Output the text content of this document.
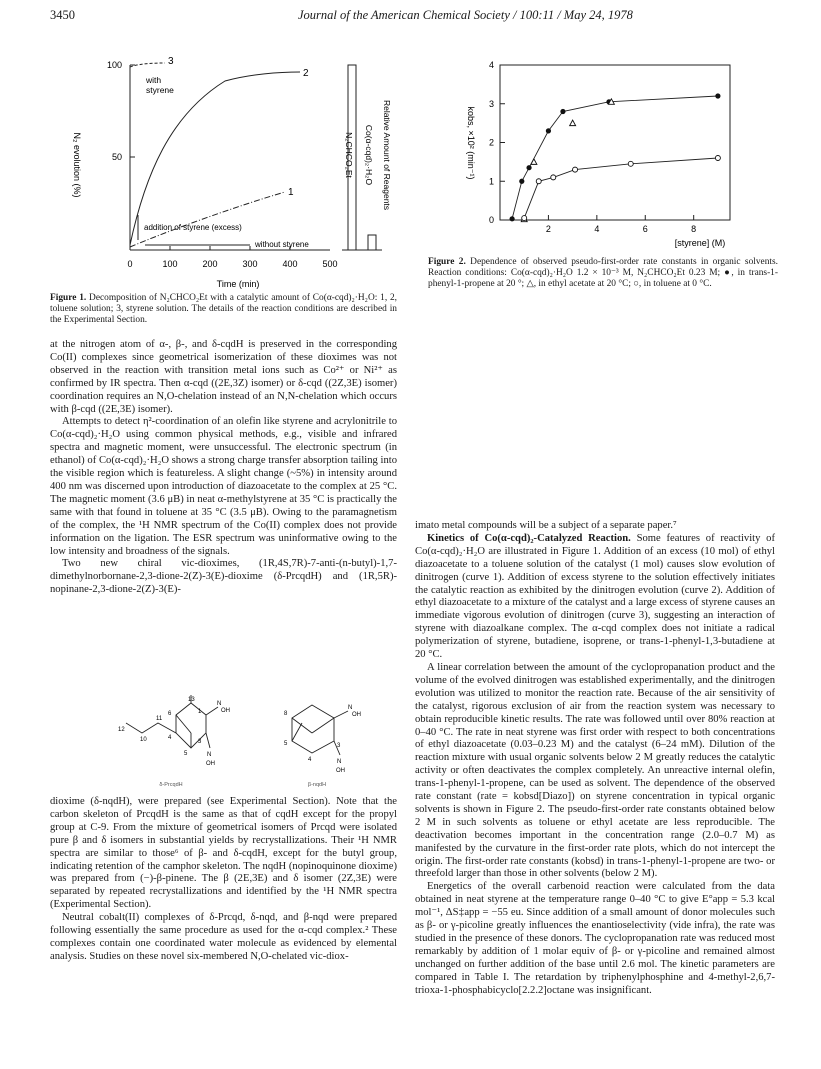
3450	Journal of the American Chemical Society / 100:11 / May 24, 1978
100
50
0	100	200	300	400	500
Time (min)
N₂ evolution (%)
3
2
1
with
styrene
addition of styrene (excess)
without styrene
Relative Amount of Reagents
Co(α-cqd)₂·H₂O
N₂CHCO₂Et
Figure 1. Decomposition of N₂CHCO₂Et with a catalytic amount of Co(α-cqd)₂·H₂O: 1, 2, toluene solution; 3, styrene solution. The details of the reaction conditions are described in the Experimental Section.
0
1
2
3
4
2	4	6	8
[styrene] (M)
kobs, ×10² (min⁻¹)
Figure 2. Dependence of observed pseudo-first-order rate constants in organic solvents. Reaction conditions: Co(α-cqd)₂·H₂O 1.2 × 10⁻³ M, N₂CHCO₂Et 0.23 M; ●, in trans-1-phenyl-1-propene at 20 °; △, in ethyl acetate at 20 °C; ○, in toluene at 0 °C.

at the nitrogen atom of α-, β-, and δ-cqdH is preserved in the corresponding Co(II) complexes since geometrical isomerization of these dioximes was not observed in the reaction with transition metal ions such as Co²⁺ or Ni²⁺ as confirmed by IR spectra. Then α-cqd ((2E,3Z) isomer) or δ-cqd ((2Z,3E) isomer) coordination requires an N,O-chelation instead of an N,N-chelation which occurs with β-cqd ((2E,3E) isomer).

Attempts to detect η²-coordination of an olefin like styrene and acrylonitrile to Co(α-cqd)₂·H₂O using common physical methods, e.g., visible and infrared spectra and magnetic moment, were unsuccessful. The electronic spectrum (in ethanol) of Co(α-cqd)₂·H₂O shows a strong charge transfer absorption tailing into the visible region which is featureless. A slight change (~5%) in intensity around 400 nm was discerned upon introduction of diazoacetate to the complex at 25 °C. The magnetic moment (3.6 μB) in neat α-methylstyrene at 35 °C is practically the same with that found in toluene at 35 °C (3.5 μB). Owing to the paramagnetism of the complex, the ¹H NMR spectrum of the Co(II) complex does not provide information on the ligation. The ESR spectrum was uninformative owing to the low intensity and broadness of the signals.

Two new chiral vic-dioximes, (1R,4S,7R)-7-anti-(n-butyl)-1,7-dimethylnorbornane-2,3-dione-2(Z)-3(E)-dioxime (δ-PrcqdH) and (1R,5R)-nopinane-2,3-dione-2(Z)-3(E)-

13
11
12
10
6	1
4
5
3
N
OH
N
OH
δ-PrcqdH
8
5
4
3
N
OH
N
OH
β-nqdH

dioxime (δ-nqdH), were prepared (see Experimental Section). Note that the carbon skeleton of PrcqdH is the same as that of cqdH except for the propyl group at C-9. From the mixture of geometrical isomers of Prcqd were isolated pure β and δ isomers in substantial yields by recrystallizations. Their ¹H NMR spectra are similar to those⁶ of β- and δ-cqdH, except for the butyl group, indicating retention of the camphor skeleton. The nqdH (nopinoquinone dioxime) was prepared from (−)-β-pinene. The β (2E,3E) and δ isomer (2Z,3E) were separated by repeated recrystallizations and identified by the ¹H NMR spectra (Experimental Section).

Neutral cobalt(II) complexes of δ-Prcqd, δ-nqd, and β-nqd were prepared following essentially the same procedure as used for the α-cqd complex.² These complexes contain one coordinated water molecule as evidenced by elemental analysis. Studies on these novel six-membered N,O-chelated vic-diox-

imato metal compounds will be a subject of a separate paper.⁷

Kinetics of Co(α-cqd)₂-Catalyzed Reaction. Some features of reactivity of Co(α-cqd)₂·H₂O are illustrated in Figure 1. Addition of an excess (10 mol) of ethyl diazoacetate to a toluene solution of the catalyst (1 mol) causes slow evolution of dinitrogen (curve 1). Addition of excess styrene to the solution effectively initiates the catalytic reaction as exhibited by the dinitrogen evolution (curve 2). Addition of ethyl diazoacetate to a mixture of the catalyst and a large excess of styrene causes an immediate vigorous evolution of dinitrogen (curve 3), suggesting an interaction of styrene with diazoalkane complex. The α-cqd complex does not initiate a radical polymerization of styrene, butadiene, isoprene, or trans-1-phenyl-1,3-butadiene at 20 °C.

A linear correlation between the amount of the cyclopropanation product and the volume of the evolved dinitrogen was established experimentally, and the dinitrogen evolution was utilized to monitor the reaction rate. Because of the air sensitivity of the catalyst, rigorous exclusion of air from the reaction system was necessary to obtain reproducible kinetic results. The rate was followed until over 80% reaction at 0–40 °C. The rate in neat styrene was first order with respect to both concentrations of ethyl diazoacetate (0.03–0.23 M) and the catalyst (6–24 mM). Dilution of the reaction mixture with usual organic solvents below 2 M greatly reduces the catalytic activity or often deactivates the complex completely. An unreactive internal olefin, trans-1-phenyl-1-propene, can be used as solvent. The dependence of the observed rate constant (rate = kobsd[Diazo]) on styrene concentration in typical organic solvents is shown in Figure 2. The pseudo-first-order rate constants obtained below 2 M in such solvents as toluene or ethyl acetate are less reproducible. The deactivation becomes important in the concentration range (2.0–0.7 M) as manifested by the curvature in the first-order rate plots, which do not intercept the origin. The first-order rate constants (kobsd) in trans-1-phenyl-1-propene are two- or threefold larger than those in other solvents (below 2 M).

Energetics of the overall carbenoid reaction were calculated from the data obtained in neat styrene at the temperature range 0–40 °C to give E°app = 5.3 kcal mol⁻¹, ΔS‡app = −55 eu. Since addition of a small amount of donor molecules such as β- or γ-picoline greatly influences the enantioselectivity (vide infra), the rate was studied in the presence of these donors. The cyclopropanation rate was reduced most remarkably by addition of 1 molar equiv of β- or γ-picoline and remained almost unchanged on further addition of the base until 2.6 mol. The kinetic parameters are compared in Table I. The retardation by triphenylphosphine and 4-methyl-2,6,7-trioxa-1-phosphabicyclo[2.2.2]octane was insignificant.
